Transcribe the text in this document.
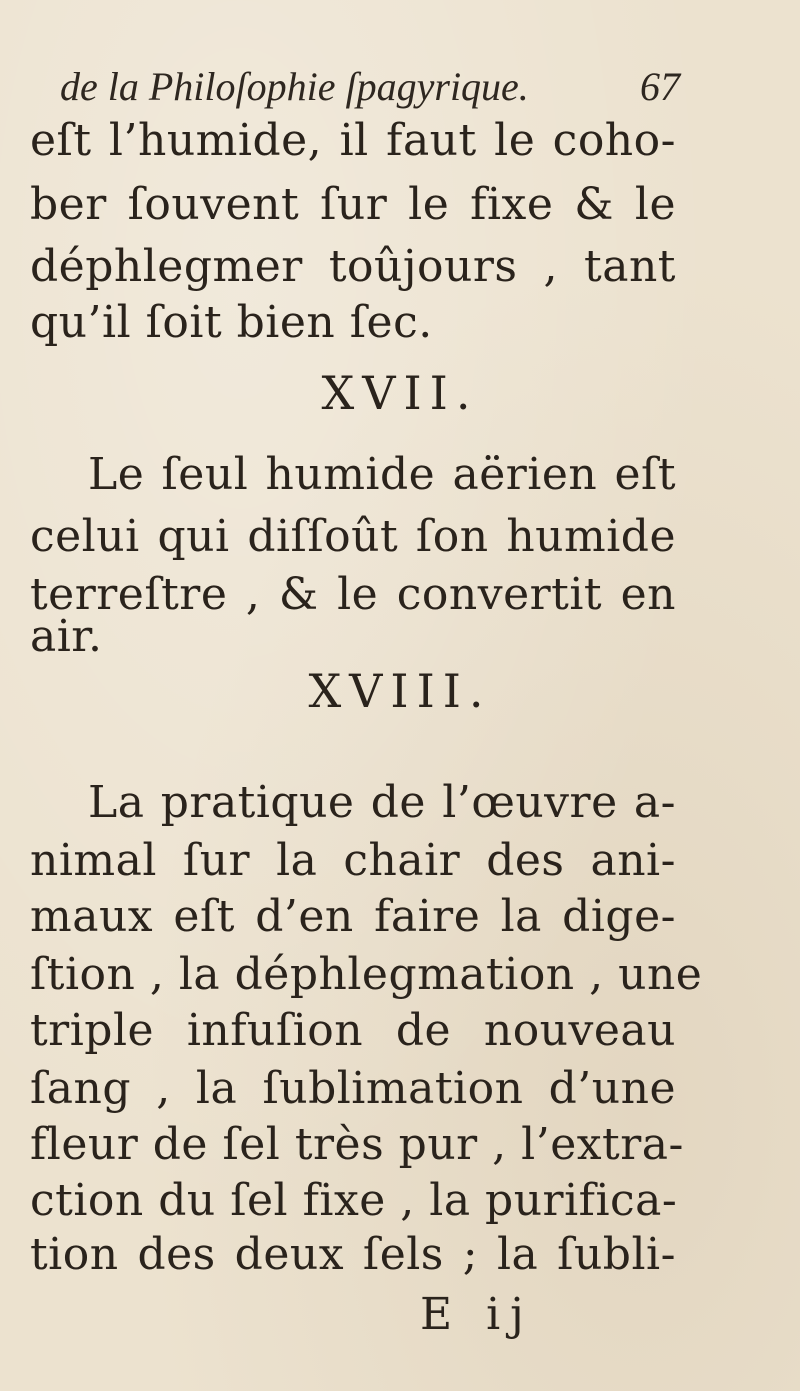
de la Philoſophie ſpagyrique.	67
eſt l’humide, il faut le coho-
ber ſouvent ſur le fixe & le
déphlegmer toûjours , tant
qu’il ſoit bien ſec.
XVII.
Le ſeul humide aërien eſt
celui qui diſſoût ſon humide
terreſtre , & le convertit en
air.
XVIII.
La pratique de l’œuvre a-
nimal ſur la chair des ani-
maux eſt d’en faire la dige-
ſtion , la déphlegmation , une
triple infuſion de nouveau
ſang , la ſublimation d’une
fleur de ſel très pur , l’extra-
ction du ſel fixe , la purifica-
tion des deux ſels ; la ſubli-
E ij
